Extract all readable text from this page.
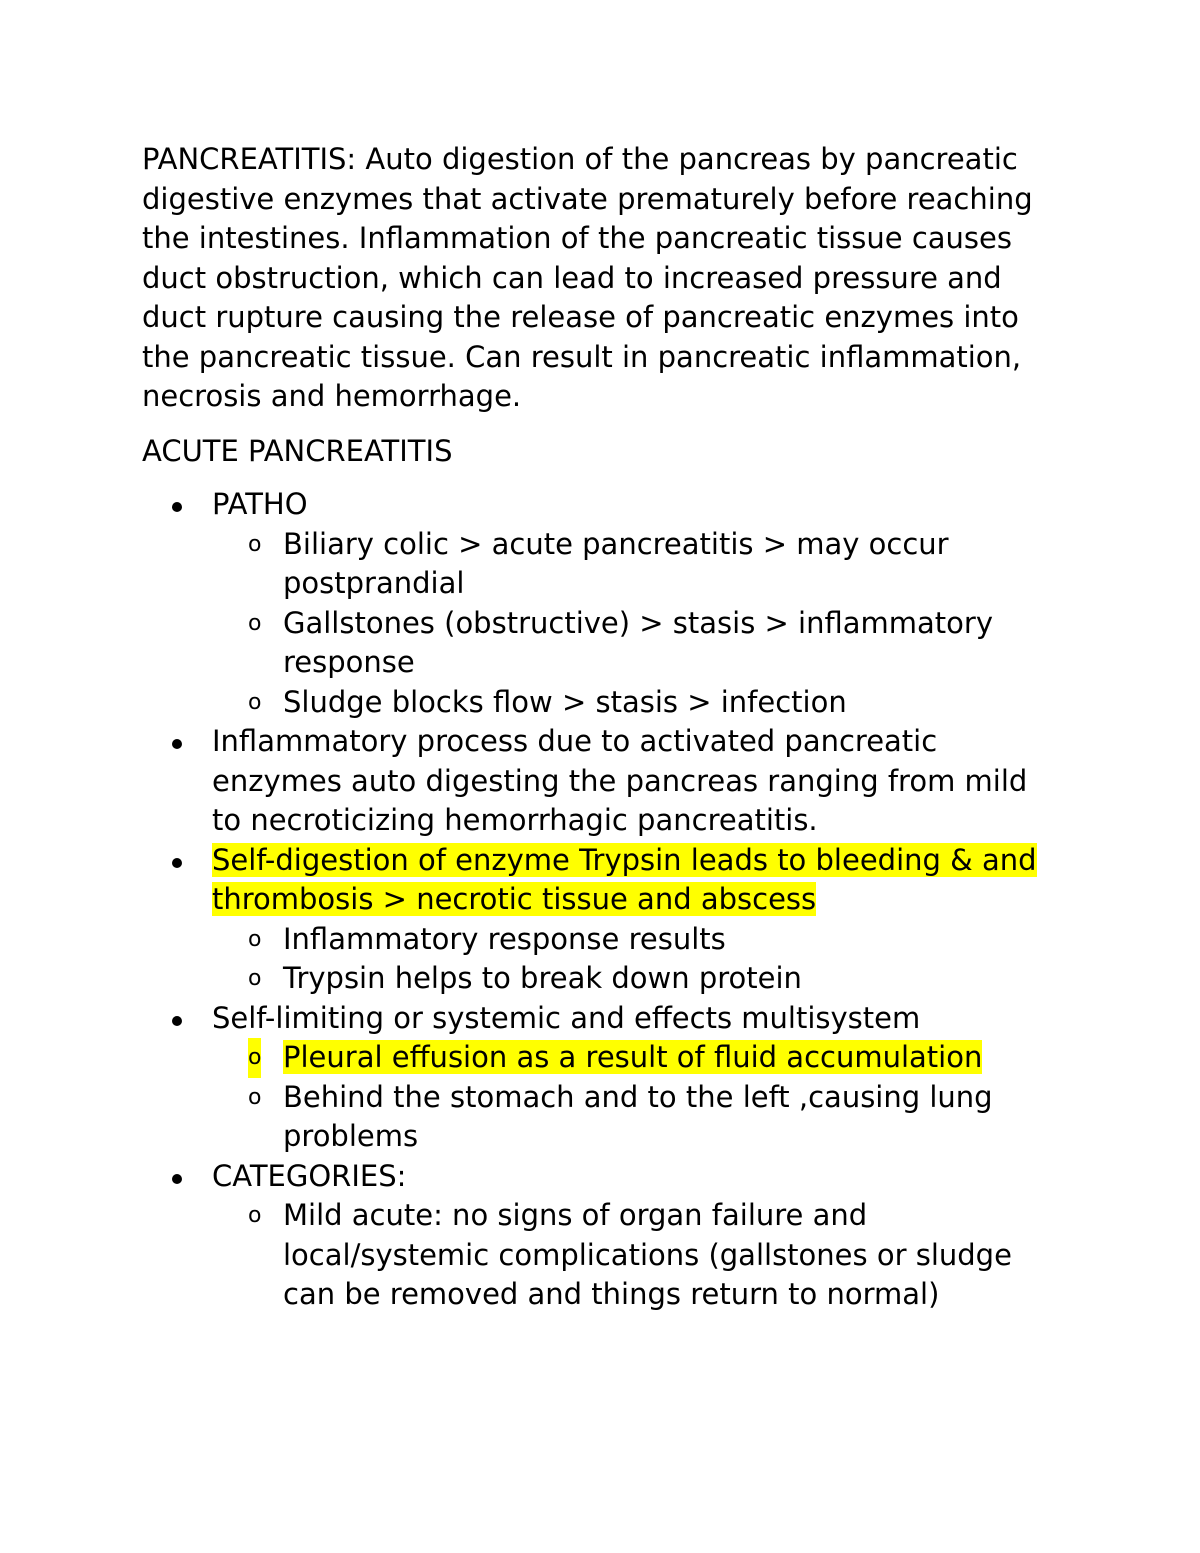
PANCREATITIS: Auto digestion of the pancreas by pancreatic digestive enzymes that activate prematurely before reaching the intestines. Inflammation of the pancreatic tissue causes duct obstruction, which can lead to increased pressure and duct rupture causing the release of pancreatic enzymes into the pancreatic tissue. Can result in pancreatic inflammation, necrosis and hemorrhage.

ACUTE PANCREATITIS

PATHO
o Biliary colic > acute pancreatitis > may occur postprandial
o Gallstones (obstructive) > stasis > inflammatory response
o Sludge blocks flow > stasis > infection
Inflammatory process due to activated pancreatic enzymes auto digesting the pancreas ranging from mild to necroticizing hemorrhagic pancreatitis.
Self-digestion of enzyme Trypsin leads to bleeding & and thrombosis > necrotic tissue and abscess
o Inflammatory response results
o Trypsin helps to break down protein
Self-limiting or systemic and effects multisystem
o Pleural effusion as a result of fluid accumulation
o Behind the stomach and to the left ,causing lung problems
CATEGORIES:
o Mild acute: no signs of organ failure and local/systemic complications (gallstones or sludge can be removed and things return to normal)
